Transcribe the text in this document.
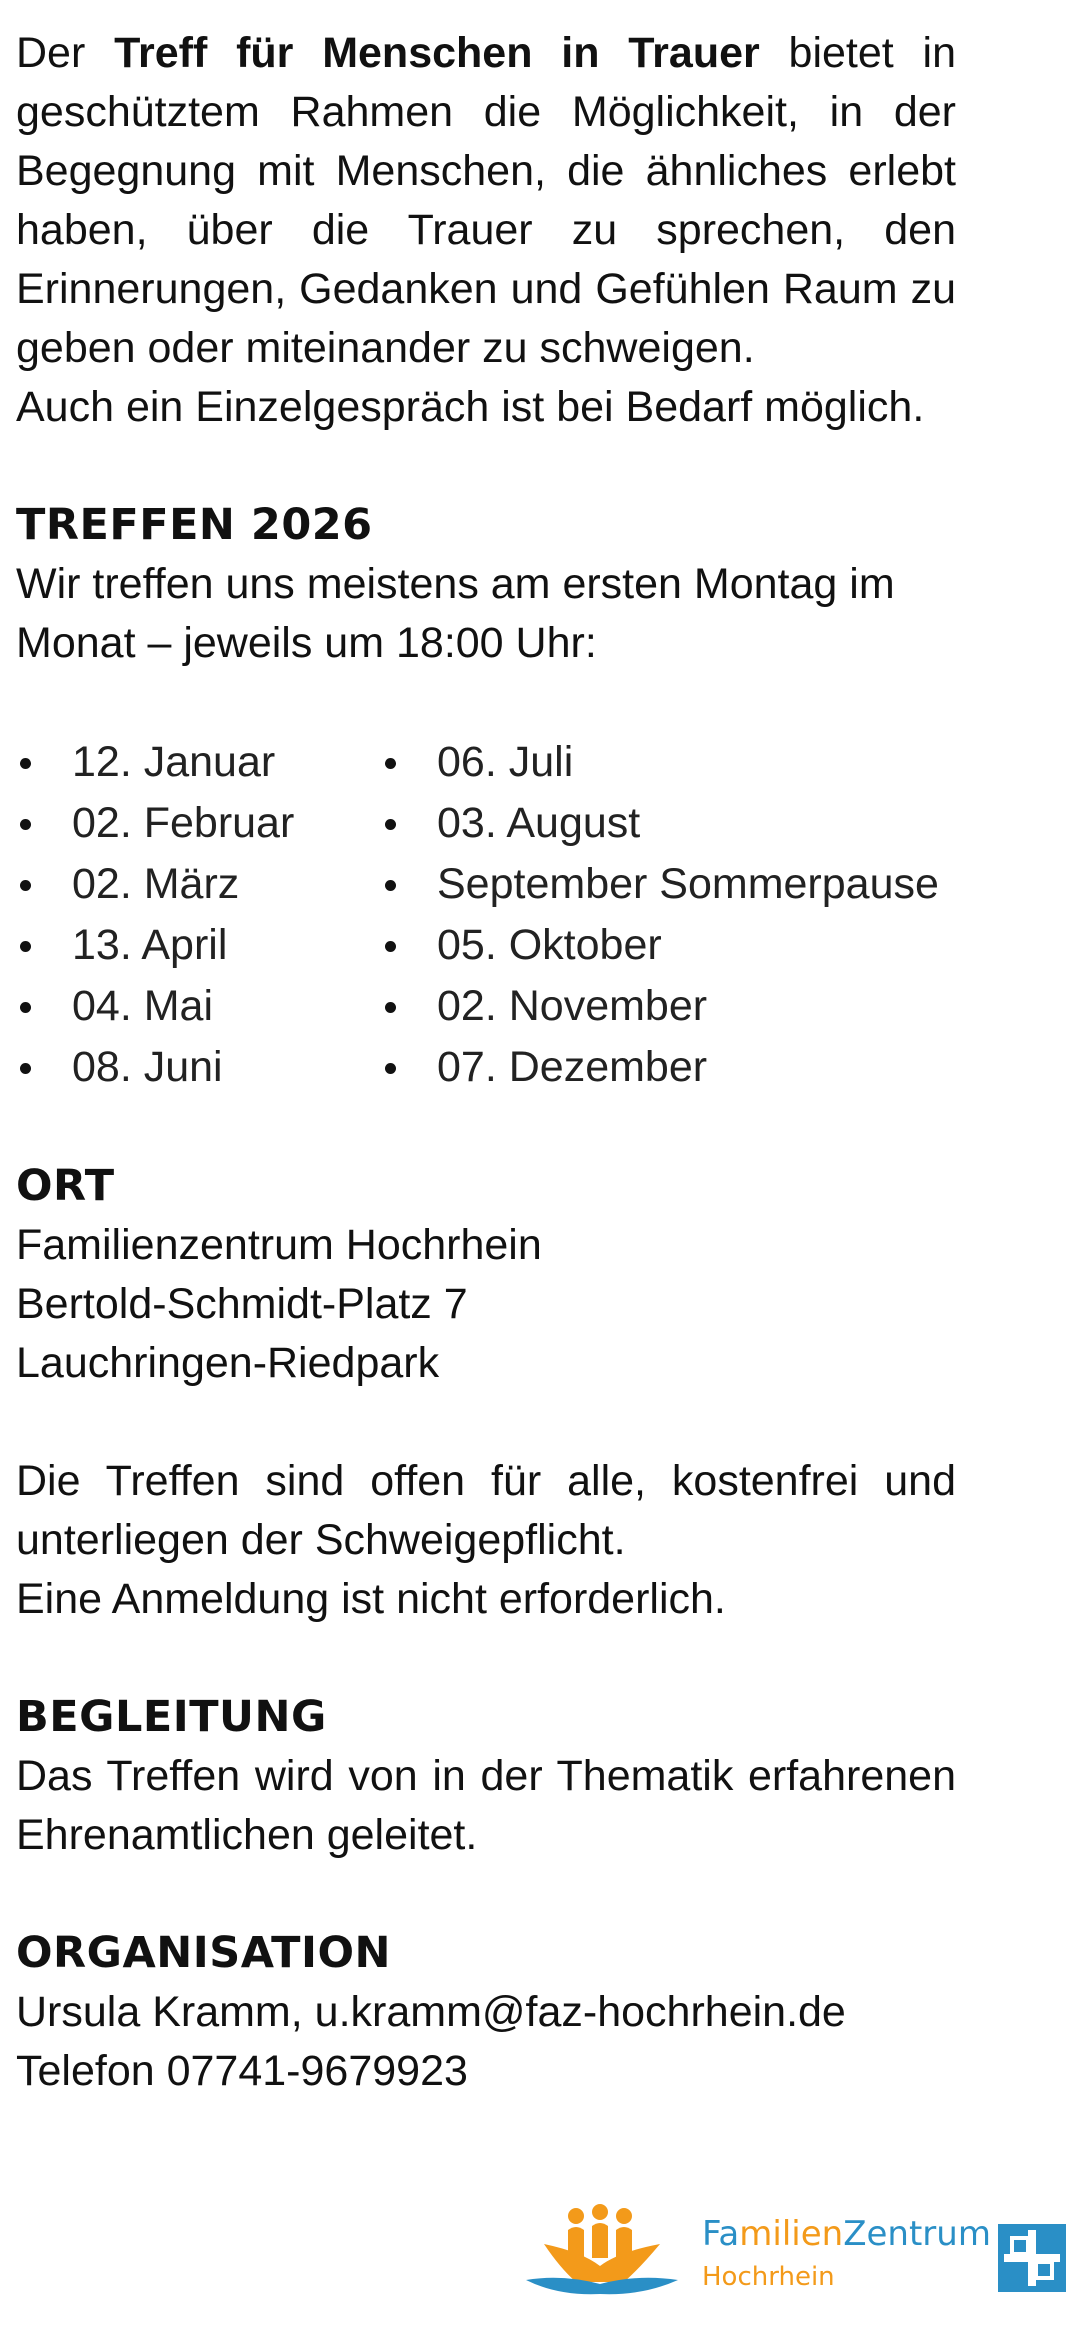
Der Treff für Menschen in Trauer bietet in geschütztem Rahmen die Möglichkeit, in der Begegnung mit Menschen, die ähnliches erlebt haben, über die Trauer zu sprechen, den Erinnerungen, Gedanken und Gefühlen Raum zu geben oder miteinander zu schweigen.

Auch ein Einzelgespräch ist bei Bedarf möglich.

TREFFEN 2026

Wir treffen uns meistens am ersten Montag im Monat – jeweils um 18:00 Uhr:

12. Januar
02. Februar
02. März
13. April
04. Mai
08. Juni
06. Juli
03. August
September Sommerpause
05. Oktober
02. November
07. Dezember

ORT

Familienzentrum Hochrhein

Bertold-Schmidt-Platz 7

Lauchringen-Riedpark

Die Treffen sind offen für alle, kostenfrei und unterliegen der Schweigepflicht.

Eine Anmeldung ist nicht erforderlich.

BEGLEITUNG

Das Treffen wird von in der Thematik erfahrenen Ehrenamtlichen geleitet.

ORGANISATION

Ursula Kramm, u.kramm@faz-hochrhein.de

Telefon 07741-9679923

FamilienZentrum
Hochrhein
